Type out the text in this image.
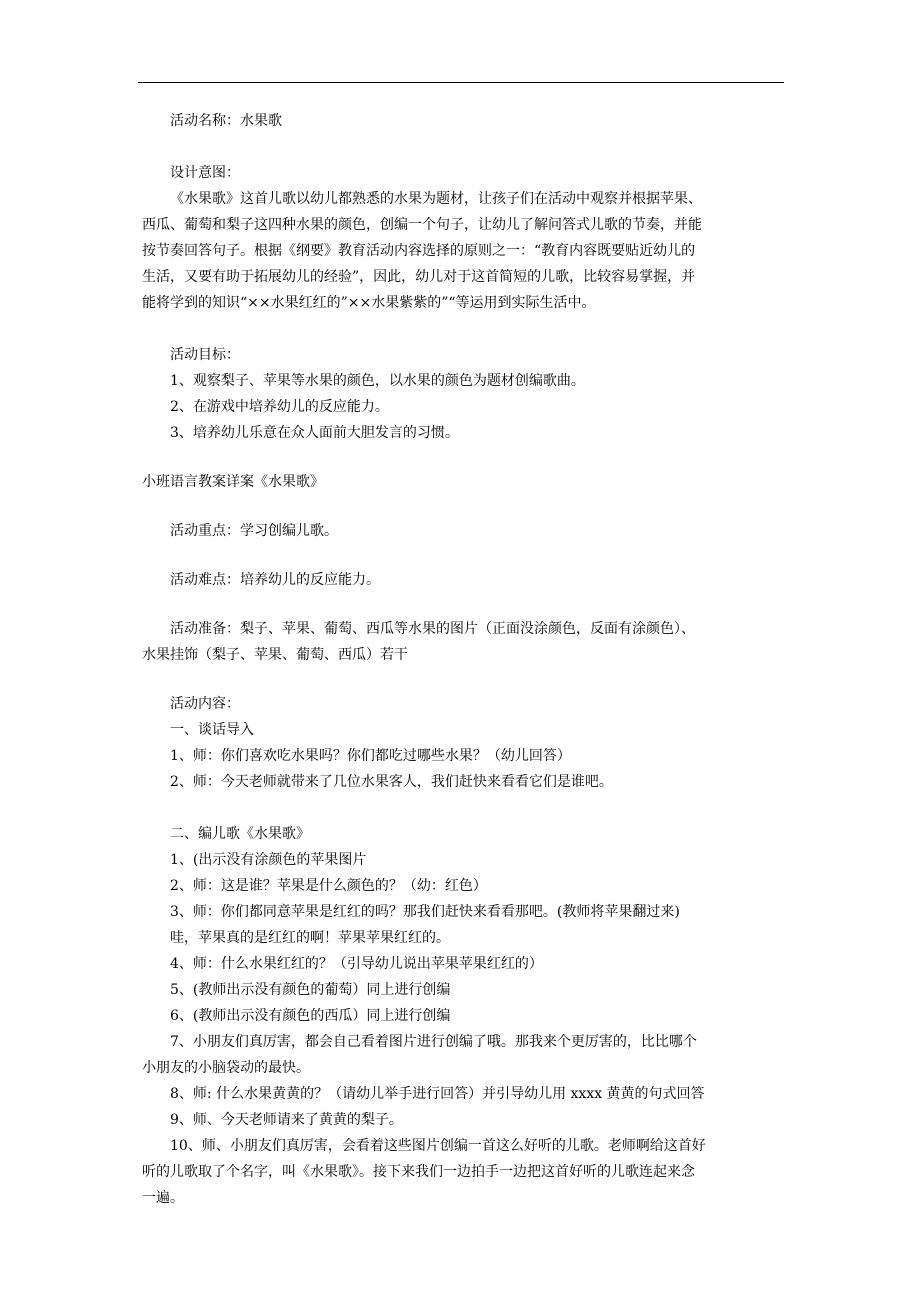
活动名称：水果歌

设计意图：

《水果歌》这首儿歌以幼儿都熟悉的水果为题材，让孩子们在活动中观察并根据苹果、

西瓜、葡萄和梨子这四种水果的颜色，创编一个句子，让幼儿了解问答式儿歌的节奏，并能

按节奏回答句子。根据《纲要》教育活动内容选择的原则之一：“教育内容既要贴近幼儿的

生活，又要有助于拓展幼儿的经验”，因此，幼儿对于这首简短的儿歌，比较容易掌握，并

能将学到的知识“××水果红红的”××水果紫紫的”“等运用到实际生活中。

活动目标：

1、观察梨子、苹果等水果的颜色，以水果的颜色为题材创编歌曲。

2、在游戏中培养幼儿的反应能力。

3、培养幼儿乐意在众人面前大胆发言的习惯。

小班语言教案详案《水果歌》

活动重点：学习创编儿歌。

活动难点：培养幼儿的反应能力。

活动准备：梨子、苹果、葡萄、西瓜等水果的图片（正面没涂颜色，反面有涂颜色）、

水果挂饰（梨子、苹果、葡萄、西瓜）若干

活动内容：

一、谈话导入

1、师：你们喜欢吃水果吗？你们都吃过哪些水果？（幼儿回答）

2、师：今天老师就带来了几位水果客人，我们赶快来看看它们是谁吧。

二、编儿歌《水果歌》

1、(出示没有涂颜色的苹果图片

2、师：这是谁？苹果是什么颜色的？（幼：红色）

3、师：你们都同意苹果是红红的吗？那我们赶快来看看那吧。(教师将苹果翻过来)

哇，苹果真的是红红的啊！苹果苹果红红的。

4、师：什么水果红红的？（引导幼儿说出苹果苹果红红的）

5、(教师出示没有颜色的葡萄）同上进行创编

6、(教师出示没有颜色的西瓜）同上进行创编

7、小朋友们真厉害，都会自己看着图片进行创编了哦。那我来个更厉害的，比比哪个

小朋友的小脑袋动的最快。

8、师: 什么水果黄黄的？（请幼儿举手进行回答）并引导幼儿用 xxxx 黄黄的句式回答

9、师、今天老师请来了黄黄的梨子。

10、师、小朋友们真厉害，会看着这些图片创编一首这么好听的儿歌。老师啊给这首好

听的儿歌取了个名字，叫《水果歌》。接下来我们一边拍手一边把这首好听的儿歌连起来念

一遍。
